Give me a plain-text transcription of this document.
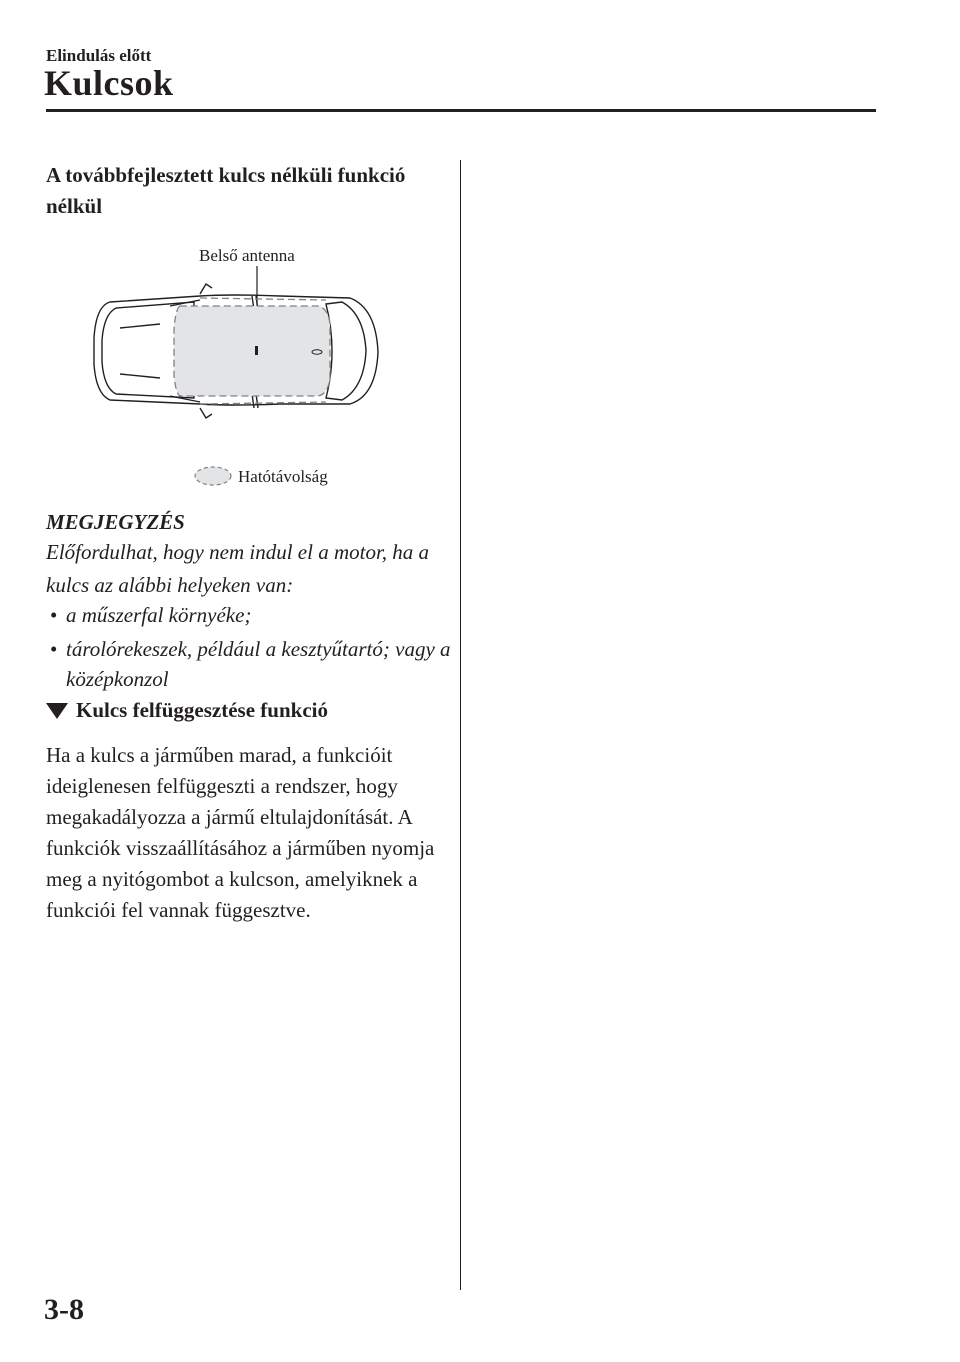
Elindulás előtt
Kulcsok
A továbbfejlesztett kulcs nélküli funkció nélkül
Belső antenna
Hatótávolság
MEGJEGYZÉS
Előfordulhat, hogy nem indul el a motor, ha a kulcs az alábbi helyeken van:
• a műszerfal környéke;
• tárolórekeszek, például a kesztyűtartó; vagy a középkonzol
Kulcs felfüggesztése funkció
Ha a kulcs a járműben marad, a funkcióit ideiglenesen felfüggeszti a rendszer, hogy megakadályozza a jármű eltulajdonítását. A funkciók visszaállításához a járműben nyomja meg a nyitógombot a kulcson, amelyiknek a funkciói fel vannak függesztve.
3-8
